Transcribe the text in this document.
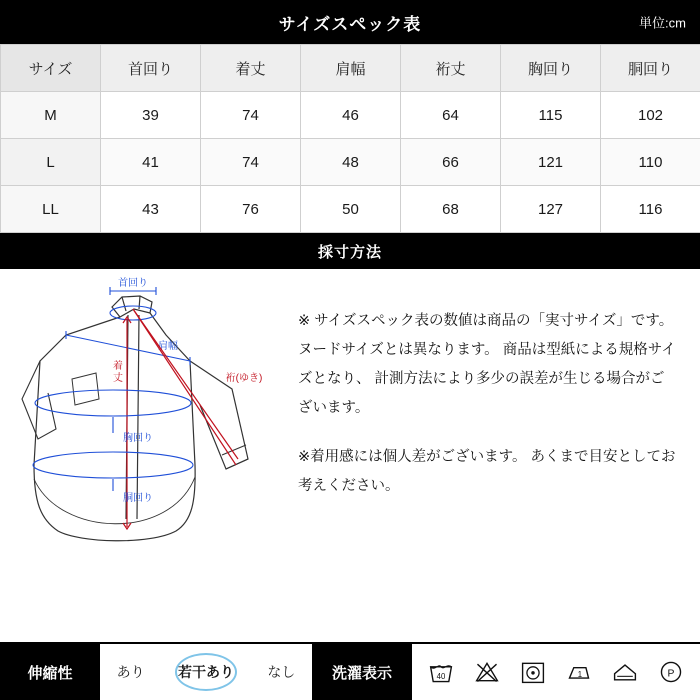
サイズスペック表	単位:cm
サイズ	首回り	着丈	肩幅	裄丈	胸回り	胴回り
M	39	74	46	64	115	102
L	41	74	48	66	121	110
LL	43	76	50	68	127	116
採寸方法
首回り
肩幅
着
丈	裄(ゆき)
胸回り
胴回り

※ サイズスペック表の数値は商品の「実寸サイズ」です。 ヌードサイズとは異なります。 商品は型紙による規格サイズとなり、 計測方法により多少の誤差が生じる場合がございます。

※着用感には個人差がございます。 あくまで目安としてお考えください。

伸縮性	あり 若干あり なし	洗濯表示	40	1	P
